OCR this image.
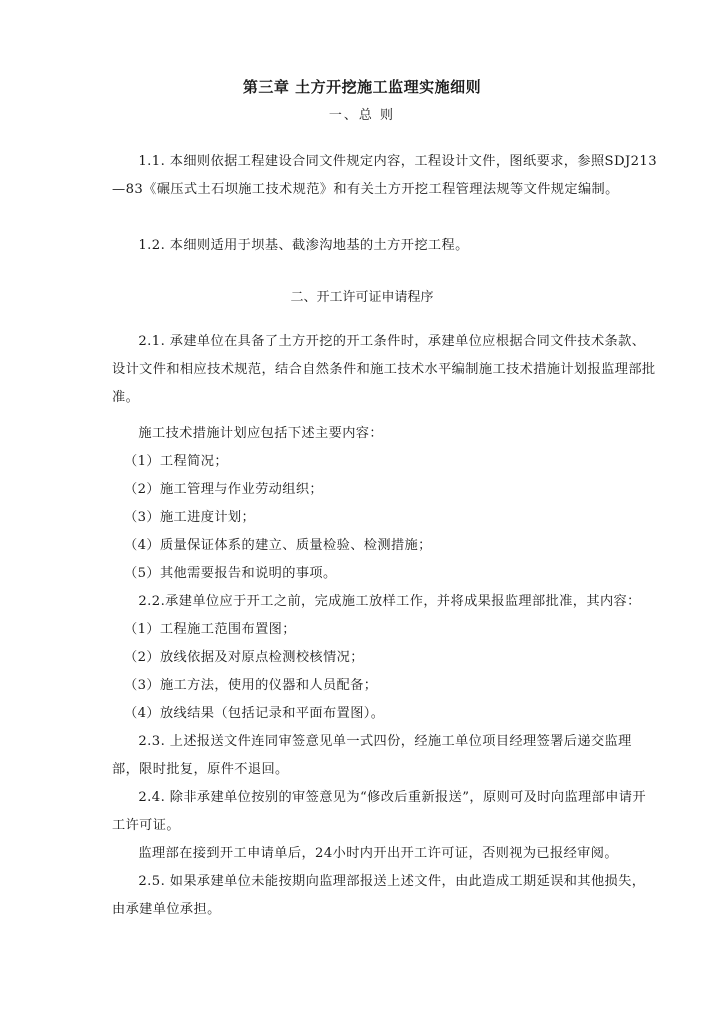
第三章 土方开挖施工监理实施细则
一、总 则

1.1. 本细则依据工程建设合同文件规定内容，工程设计文件，图纸要求，参照SDJ213—83《碾压式土石坝施工技术规范》和有关土方开挖工程管理法规等文件规定编制。

1.2. 本细则适用于坝基、截渗沟地基的土方开挖工程。

二、开工许可证申请程序

2.1. 承建单位在具备了土方开挖的开工条件时，承建单位应根据合同文件技术条款、设计文件和相应技术规范，结合自然条件和施工技术水平编制施工技术措施计划报监理部批准。

施工技术措施计划应包括下述主要内容：

（1）工程简况；

（2）施工管理与作业劳动组织；

（3）施工进度计划；

（4）质量保证体系的建立、质量检验、检测措施；

（5）其他需要报告和说明的事项。

2.2.承建单位应于开工之前，完成施工放样工作，并将成果报监理部批准，其内容：

（1）工程施工范围布置图；

（2）放线依据及对原点检测校核情况；

（3）施工方法，使用的仪器和人员配备；

（4）放线结果（包括记录和平面布置图）。

2.3. 上述报送文件连同审签意见单一式四份，经施工单位项目经理签署后递交监理部，限时批复，原件不退回。

2.4. 除非承建单位按别的审签意见为“修改后重新报送”，原则可及时向监理部申请开工许可证。

监理部在接到开工申请单后，24小时内开出开工许可证，否则视为已报经审阅。

2.5. 如果承建单位未能按期向监理部报送上述文件，由此造成工期延误和其他损失，由承建单位承担。
